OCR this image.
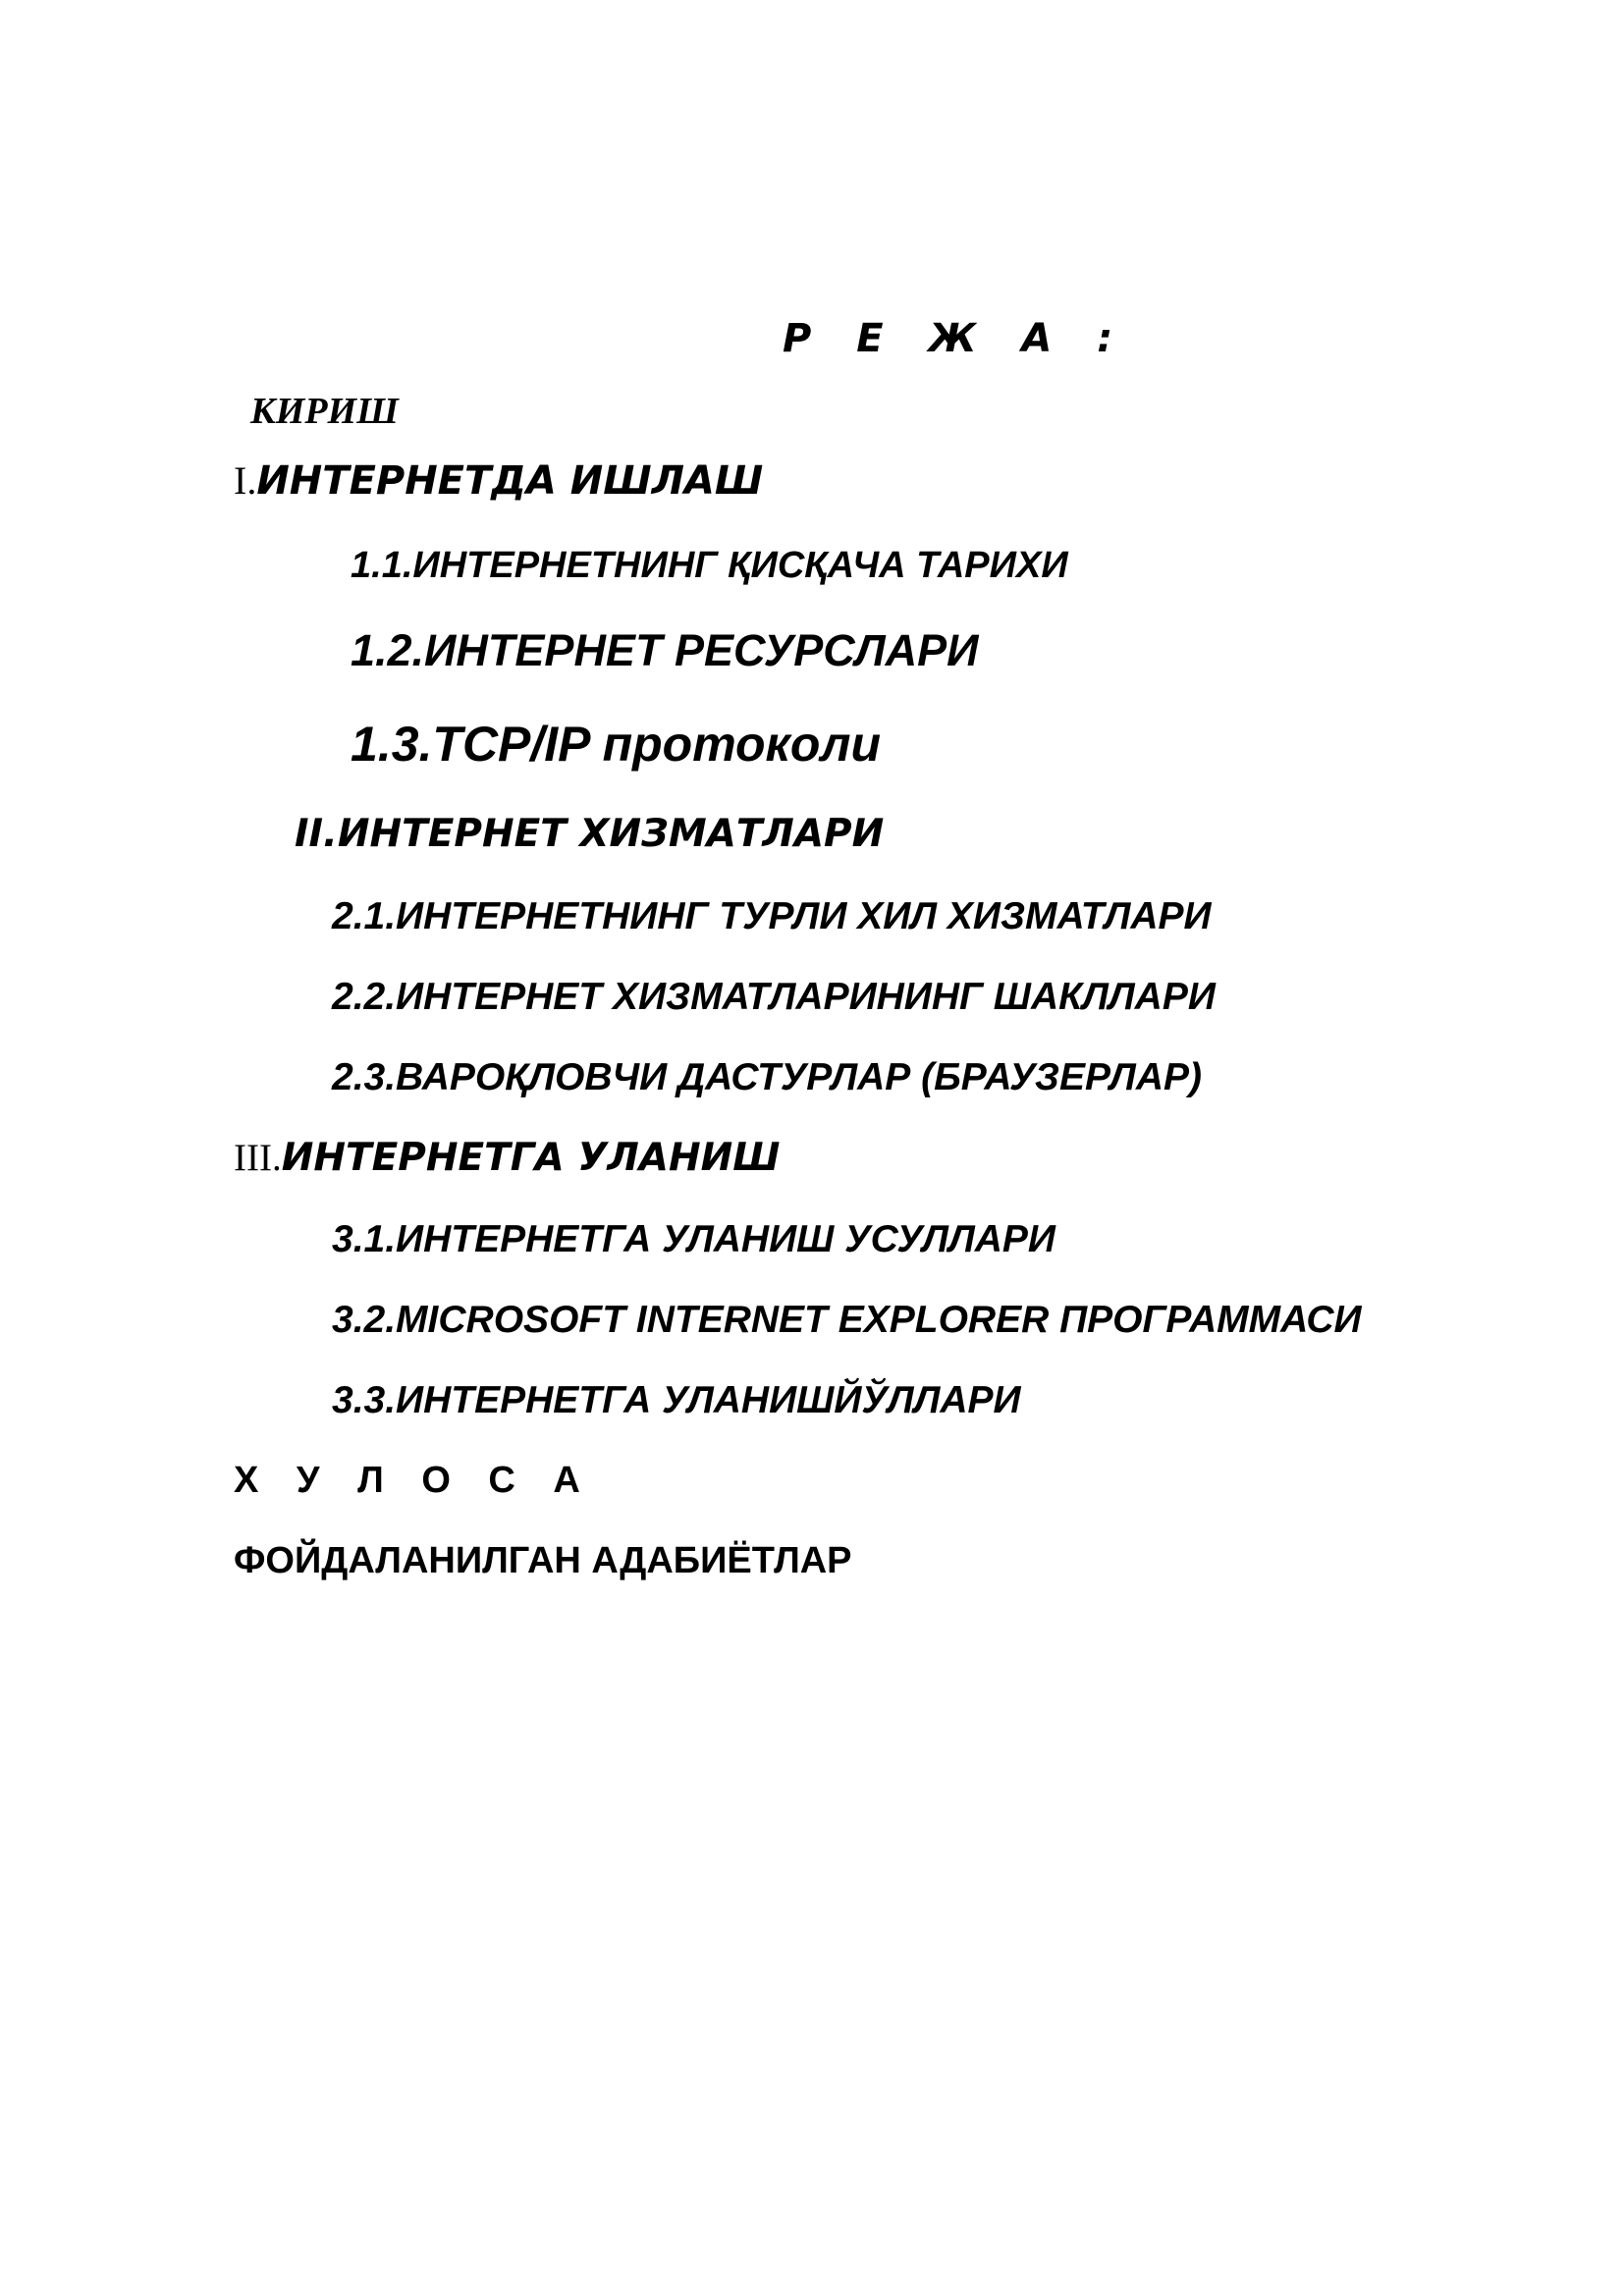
Р Е Ж А :
КИРИШ
I.ИНТЕРНЕТДА ИШЛАШ
1.1.ИНТЕРНЕТНИНГ ҚИСҚАЧА ТАРИХИ
1.2.ИНТЕРНЕТ РЕСУРСЛАРИ
1.3.TCP/IP протоколи
II.ИНТЕРНЕТ ХИЗМАТЛАРИ
2.1.ИНТЕРНЕТНИНГ ТУРЛИ ХИЛ ХИЗМАТЛАРИ
2.2.ИНТЕРНЕТ ХИЗМАТЛАРИНИНГ ШАКЛЛАРИ
2.3.ВАРОҚЛОВЧИ ДАСТУРЛАР (БРАУЗЕРЛАР)
III.ИНТЕРНЕТГА УЛАНИШ
3.1.ИНТЕРНЕТГА УЛАНИШ УСУЛЛАРИ
3.2.MICROSOFT INTERNET EXPLORER ПРОГРАММАСИ
3.3.ИНТЕРНЕТГА УЛАНИШЙЎЛЛАРИ
Х У Л О С А
ФОЙДАЛАНИЛГАН АДАБИЁТЛАР
